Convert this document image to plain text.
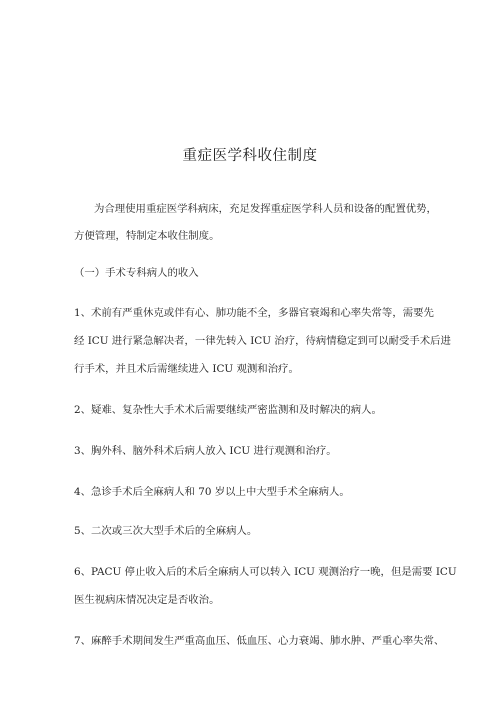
重症医学科收住制度
为合理使用重症医学科病床，充足发挥重症医学科人员和设备的配置优势，
方便管理，特制定本收住制度。
（一）手术专科病人的收入
1、术前有严重休克或伴有心、肺功能不全，多器官衰竭和心率失常等，需要先
经 ICU 进行紧急解决者，一律先转入 ICU 治疗，待病情稳定到可以耐受手术后进
行手术，并且术后需继续进入 ICU 观测和治疗。
2、疑难、复杂性大手术术后需要继续严密监测和及时解决的病人。
3、胸外科、脑外科术后病人放入 ICU 进行观测和治疗。
4、急诊手术后全麻病人和 70 岁以上中大型手术全麻病人。
5、二次或三次大型手术后的全麻病人。
6、PACU 停止收入后的术后全麻病人可以转入 ICU 观测治疗一晚，但是需要 ICU
医生视病床情况决定是否收治。
7、麻醉手术期间发生严重高血压、低血压、心力衰竭、肺水肿、严重心率失常、
